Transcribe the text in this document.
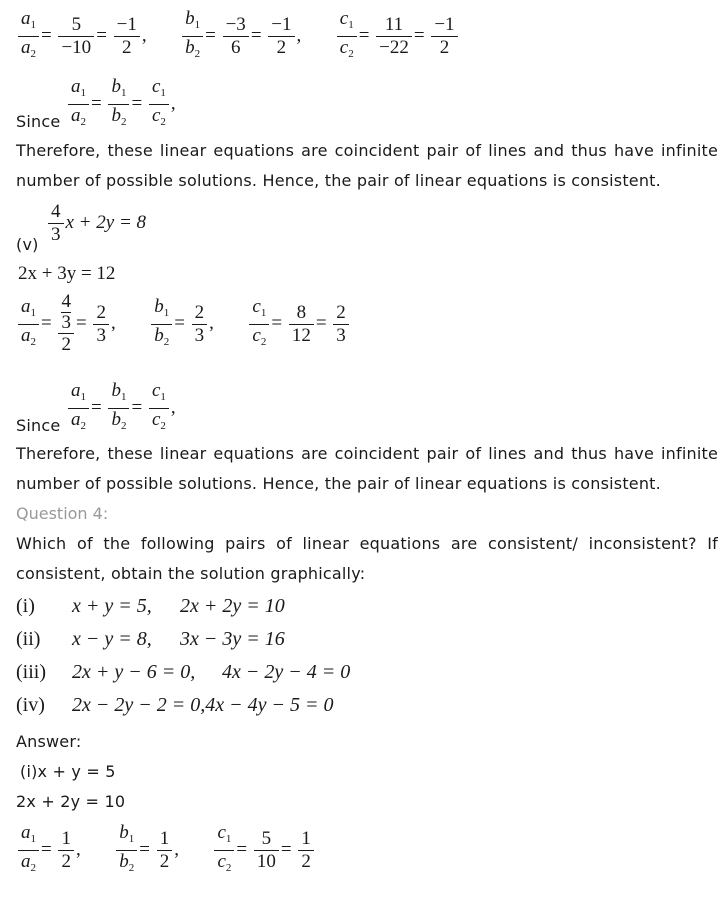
$\frac{a_1}{a_2} = \frac{5}{-10} = \frac{-1}{2}$ , $\frac{b_1}{b_2} = \frac{-3}{6} = \frac{-1}{2}$ , $\frac{c_1}{c_2} = \frac{11}{-22} = \frac{-1}{2}$
Since $\frac{a_1}{a_2} = \frac{b_1}{b_2} = \frac{c_1}{c_2}$ ,
Therefore, these linear equations are coincident pair of lines and thus have infinite
number of possible solutions. Hence, the pair of linear equations is consistent.
$(v) \frac{4}{3}$ x + 2y = 8
2x + 3y = 12
$\frac{a_1}{a_2} = 4$
3
$2 = \frac{2}{3}$ , $\frac{b_1}{b_2} = \frac{2}{3}$ , $\frac{c_1}{c_2} = \frac{8}{12} = \frac{2}{3}$
Since $\frac{a_1}{a_2} = \frac{b_1}{b_2} = \frac{c_1}{c_2}$ ,
Therefore, these linear equations are coincident pair of lines and thus have infinite
number of possible solutions. Hence, the pair of linear equations is consistent.
Question 4:
Which of the following pairs of linear equations are consistent/ inconsistent? If
consistent, obtain the solution graphically:
(i) x + y = 5, 2x + 2y = 10
(ii) x − y = 8, 3x − 3y = 16
(iii) 2x + y − 6 = 0, 4x − 2y − 4 = 0
(iv) 2x − 2y − 2 = 0,4x − 4y − 5 = 0
Answer:
(i)x + y = 5
2x + 2y = 10
$\frac{a_1}{a_2} = \frac{1}{2}$ , $\frac{b_1}{b_2} = \frac{1}{2}$ , $\frac{c_1}{c_2} = \frac{5}{10} = \frac{1}{2}$
